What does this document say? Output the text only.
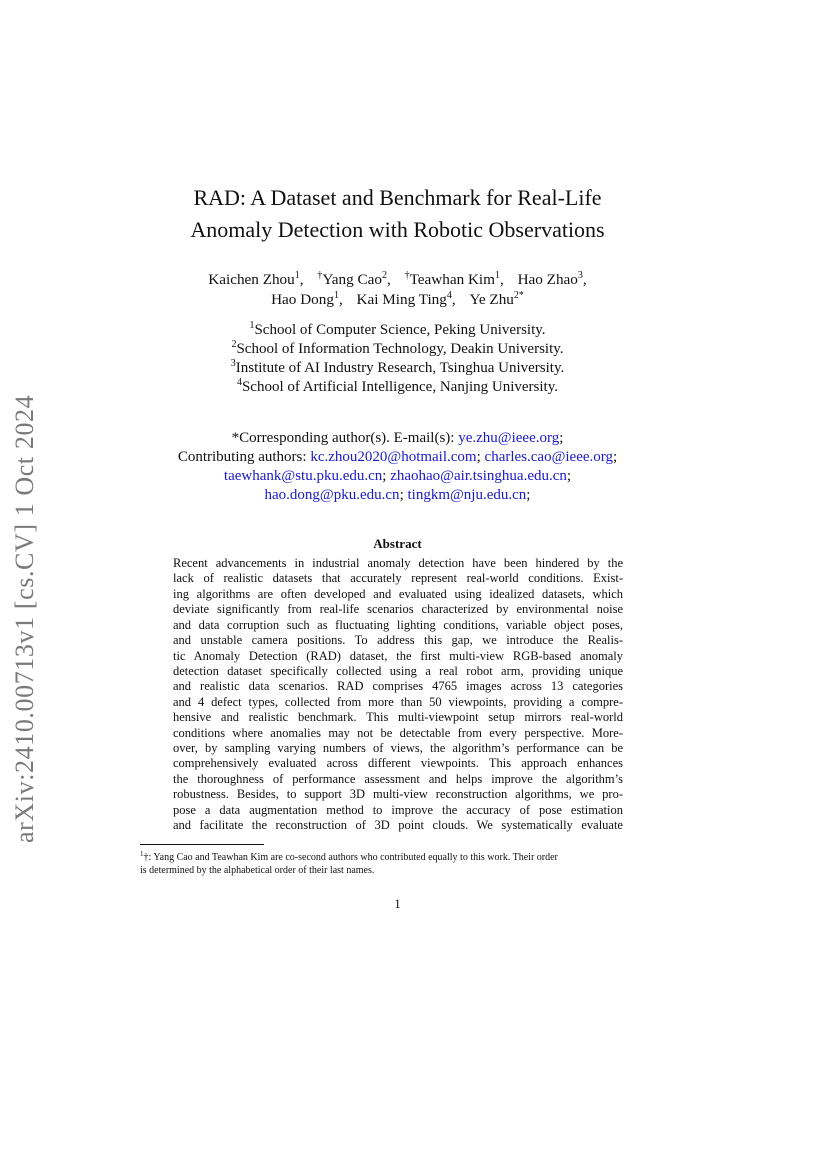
arXiv:2410.00713v1 [cs.CV] 1 Oct 2024
RAD: A Dataset and Benchmark for Real-Life
Anomaly Detection with Robotic Observations
Kaichen Zhou$^1$, †Yang Cao$^2$, †Teawhan Kim$^1$, Hao Zhao$^3$,
Hao Dong$^1$, Kai Ming Ting$^4$, Ye Zhu$^{2*}$
$^1$School of Computer Science, Peking University.
$^2$School of Information Technology, Deakin University.
$^3$Institute of AI Industry Research, Tsinghua University.
$^4$School of Artificial Intelligence, Nanjing University.
*Corresponding author(s). E-mail(s): ye.zhu@ieee.org;
Contributing authors: kc.zhou2020@hotmail.com; charles.cao@ieee.org;
taewhank@stu.pku.edu.cn; zhaohao@air.tsinghua.edu.cn;
hao.dong@pku.edu.cn; tingkm@nju.edu.cn;
Abstract
Recent advancements in industrial anomaly detection have been hindered by the
lack of realistic datasets that accurately represent real-world conditions. Exist-
ing algorithms are often developed and evaluated using idealized datasets, which
deviate significantly from real-life scenarios characterized by environmental noise
and data corruption such as fluctuating lighting conditions, variable object poses,
and unstable camera positions. To address this gap, we introduce the Realis-
tic Anomaly Detection (RAD) dataset, the first multi-view RGB-based anomaly
detection dataset specifically collected using a real robot arm, providing unique
and realistic data scenarios. RAD comprises 4765 images across 13 categories
and 4 defect types, collected from more than 50 viewpoints, providing a compre-
hensive and realistic benchmark. This multi-viewpoint setup mirrors real-world
conditions where anomalies may not be detectable from every perspective. More-
over, by sampling varying numbers of views, the algorithm’s performance can be
comprehensively evaluated across different viewpoints. This approach enhances
the thoroughness of performance assessment and helps improve the algorithm’s
robustness. Besides, to support 3D multi-view reconstruction algorithms, we pro-
pose a data augmentation method to improve the accuracy of pose estimation
and facilitate the reconstruction of 3D point clouds. We systematically evaluate
$^1$†: Yang Cao and Teawhan Kim are co-second authors who contributed equally to this work. Their order
is determined by the alphabetical order of their last names.
1
